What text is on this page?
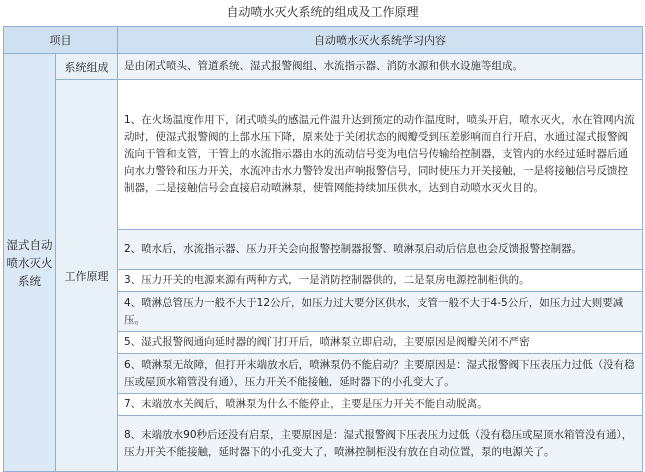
自动喷水灭火系统的组成及工作原理
项目		自动喷水灭火系统学习内容
湿式自动喷水灭火系统	系统组成	是由闭式喷头、管道系统、湿式报警阀组、水流指示器、消防水源和供水设施等组成。
	工作原理	1、在火场温度作用下，闭式喷头的感温元件温升达到预定的动作温度时，喷头开启，喷水灭火，水在管网内流动时，使湿式报警阀的上部水压下降，原来处于关闭状态的阀瓣受到压差影响而自行开启，水通过湿式报警阀流向干管和支管，干管上的水流指示器由水的流动信号变为电信号传输给控制器，支管内的水经过延时器后通向水力警铃和压力开关，水流冲击水力警铃发出声响报警信号，同时使压力开关接触，一是将接触信号反馈控制器，二是接触信号会直接启动喷淋泵，使管网能持续加压供水，达到自动喷水灭火目的。
		2、喷水后，水流指示器、压力开关会向报警控制器报警、喷淋泵启动后信息也会反馈报警控制器。
		3、压力开关的电源来源有两种方式，一是消防控制器供的，二是泵房电源控制柜供的。
		4、喷淋总管压力一般不大于12公斤，如压力过大要分区供水，支管一般不大于4-5公斤，如压力过大则要减压。
		5、湿式报警阀通向延时器的阀门打开后，喷淋泵立即启动，主要原因是阀瓣关闭不严密
		6、喷淋泵无故障，但打开末端放水后，喷淋泵仍不能启动？主要原因是：湿式报警阀下压表压力过低（没有稳压或屋顶水箱管没有通），压力开关不能接触，延时器下的小孔变大了。
		7、末端放水关阀后，喷淋泵为什么不能停止，主要是压力开关不能自动脱离。
		8、末端放水90秒后还没有启泵，主要原因是：湿式报警阀下压表压力过低（没有稳压或屋顶水箱管没有通），压力开关不能接触，延时器下的小孔变大了，喷淋控制柜没有放在自动位置，泵的电源关了。
